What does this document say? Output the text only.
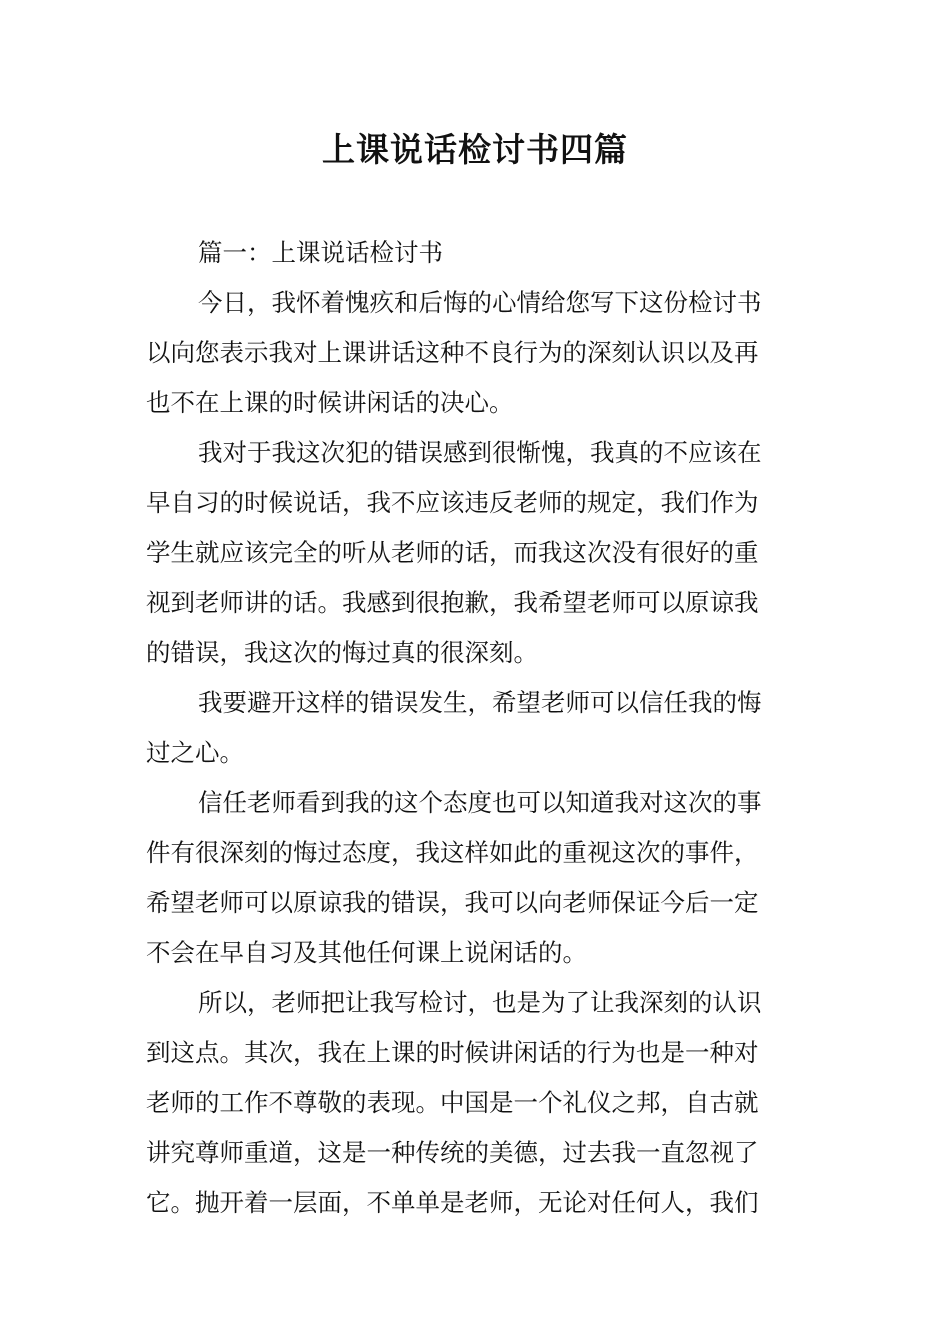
上课说话检讨书四篇
篇一：上课说话检讨书
今日，我怀着愧疚和后悔的心情给您写下这份检讨书
以向您表示我对上课讲话这种不良行为的深刻认识以及再
也不在上课的时候讲闲话的决心。
我对于我这次犯的错误感到很惭愧，我真的不应该在
早自习的时候说话，我不应该违反老师的规定，我们作为
学生就应该完全的听从老师的话，而我这次没有很好的重
视到老师讲的话。我感到很抱歉，我希望老师可以原谅我
的错误，我这次的悔过真的很深刻。
我要避开这样的错误发生，希望老师可以信任我的悔
过之心。
信任老师看到我的这个态度也可以知道我对这次的事
件有很深刻的悔过态度，我这样如此的重视这次的事件，
希望老师可以原谅我的错误，我可以向老师保证今后一定
不会在早自习及其他任何课上说闲话的。
所以，老师把让我写检讨，也是为了让我深刻的认识
到这点。其次，我在上课的时候讲闲话的行为也是一种对
老师的工作不尊敬的表现。中国是一个礼仪之邦，自古就
讲究尊师重道，这是一种传统的美德，过去我一直忽视了
它。抛开着一层面，不单单是老师，无论对任何人，我们
